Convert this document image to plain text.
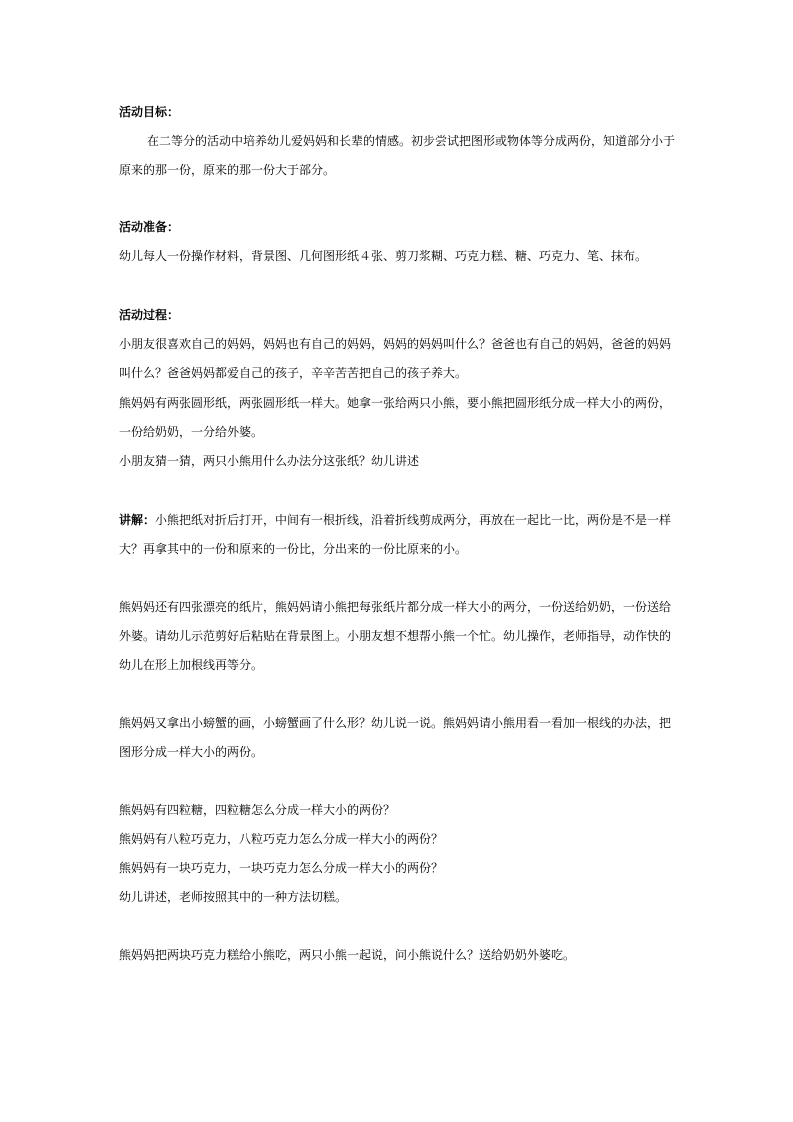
活动目标：
在二等分的活动中培养幼儿爱妈妈和长辈的情感。初步尝试把图形或物体等分成两份，知道部分小于
原来的那一份，原来的那一份大于部分。
活动准备：
幼儿每人一份操作材料，背景图、几何图形纸４张、剪刀浆糊、巧克力糕、糖、巧克力、笔、抹布。
活动过程：
小朋友很喜欢自己的妈妈，妈妈也有自己的妈妈，妈妈的妈妈叫什么？爸爸也有自己的妈妈，爸爸的妈妈
叫什么？爸爸妈妈都爱自己的孩子，辛辛苦苦把自己的孩子养大。
熊妈妈有两张圆形纸，两张圆形纸一样大。她拿一张给两只小熊，要小熊把圆形纸分成一样大小的两份，
一份给奶奶，一分给外婆。
小朋友猜一猜，两只小熊用什么办法分这张纸？幼儿讲述
讲解：小熊把纸对折后打开，中间有一根折线，沿着折线剪成两分，再放在一起比一比，两份是不是一样
大？再拿其中的一份和原来的一份比，分出来的一份比原来的小。
熊妈妈还有四张漂亮的纸片，熊妈妈请小熊把每张纸片都分成一样大小的两分，一份送给奶奶，一份送给
外婆。请幼儿示范剪好后粘贴在背景图上。小朋友想不想帮小熊一个忙。幼儿操作，老师指导，动作快的
幼儿在形上加根线再等分。
熊妈妈又拿出小螃蟹的画，小螃蟹画了什么形？幼儿说一说。熊妈妈请小熊用看一看加一根线的办法，把
图形分成一样大小的两份。
熊妈妈有四粒糖，四粒糖怎么分成一样大小的两份？
熊妈妈有八粒巧克力，八粒巧克力怎么分成一样大小的两份？
熊妈妈有一块巧克力，一块巧克力怎么分成一样大小的两份？
幼儿讲述，老师按照其中的一种方法切糕。
熊妈妈把两块巧克力糕给小熊吃，两只小熊一起说，问小熊说什么？送给奶奶外婆吃。
